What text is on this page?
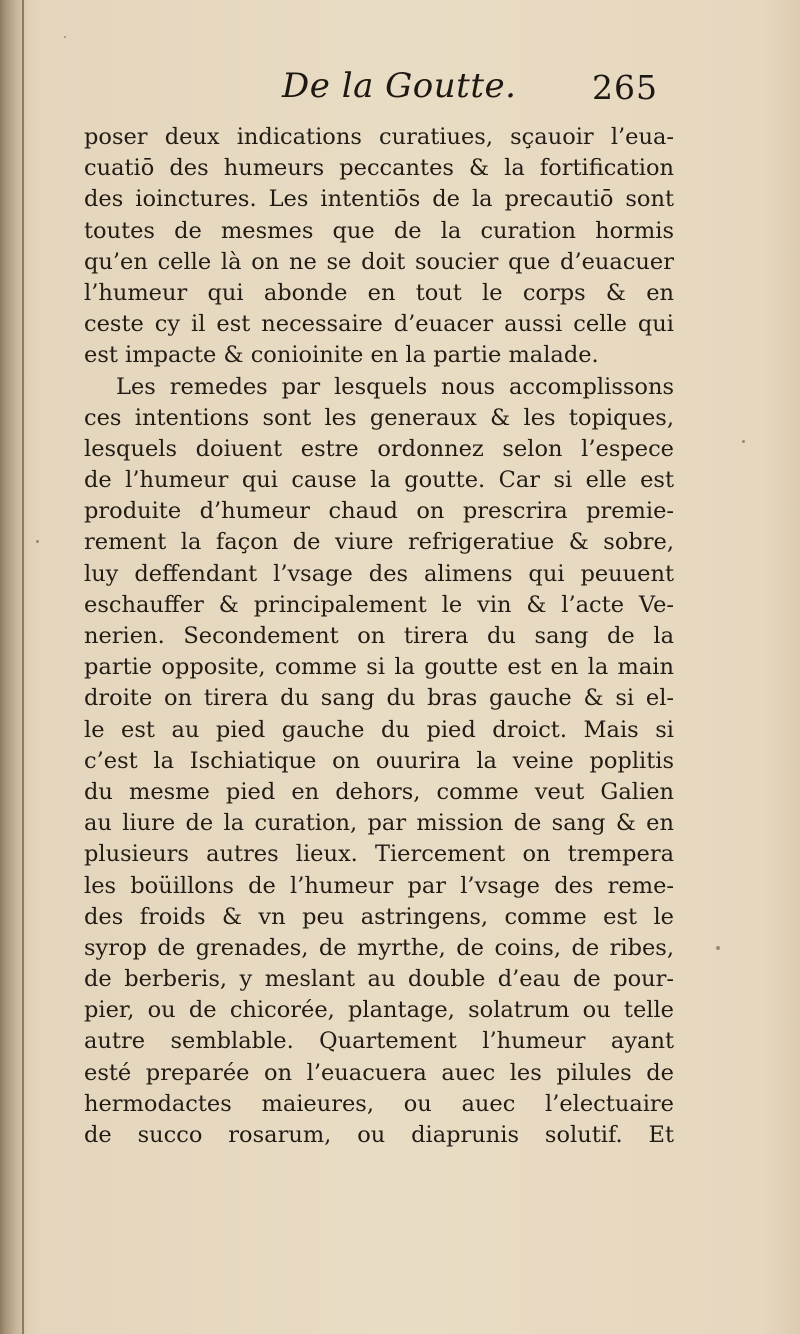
De la Goutte. 265
poser deux indications curatiues, sçauoir l’eua-
cuatiō des humeurs peccantes & la fortification
des ioinctures. Les intentiōs de la precautiō sont
toutes de mesmes que de la curation hormis
qu’en celle là on ne se doit soucier que d’euacuer
l’humeur qui abonde en tout le corps & en
ceste cy il est necessaire d’euacer aussi celle qui
est impacte & conioinite en la partie malade.
Les remedes par lesquels nous accomplissons
ces intentions sont les generaux & les topiques,
lesquels doiuent estre ordonnez selon l’espece
de l’humeur qui cause la goutte. Car si elle est
produite d’humeur chaud on prescrira premie-
rement la façon de viure refrigeratiue & sobre,
luy deffendant l’vsage des alimens qui peuuent
eschauffer & principalement le vin & l’acte Ve-
nerien. Secondement on tirera du sang de la
partie opposite, comme si la goutte est en la main
droite on tirera du sang du bras gauche & si el-
le est au pied gauche du pied droict. Mais si
c’est la Ischiatique on ouurira la veine poplitis
du mesme pied en dehors, comme veut Galien
au liure de la curation, par mission de sang & en
plusieurs autres lieux. Tiercement on trempera
les boüillons de l’humeur par l’vsage des reme-
des froids & vn peu astringens, comme est le
syrop de grenades, de myrthe, de coins, de ribes,
de berberis, y meslant au double d’eau de pour-
pier, ou de chicorée, plantage, solatrum ou telle
autre semblable. Quartement l’humeur ayant
esté preparée on l’euacuera auec les pilules de
hermodactes maieures, ou auec l’electuaire
de succo rosarum, ou diaprunis solutif. Et
